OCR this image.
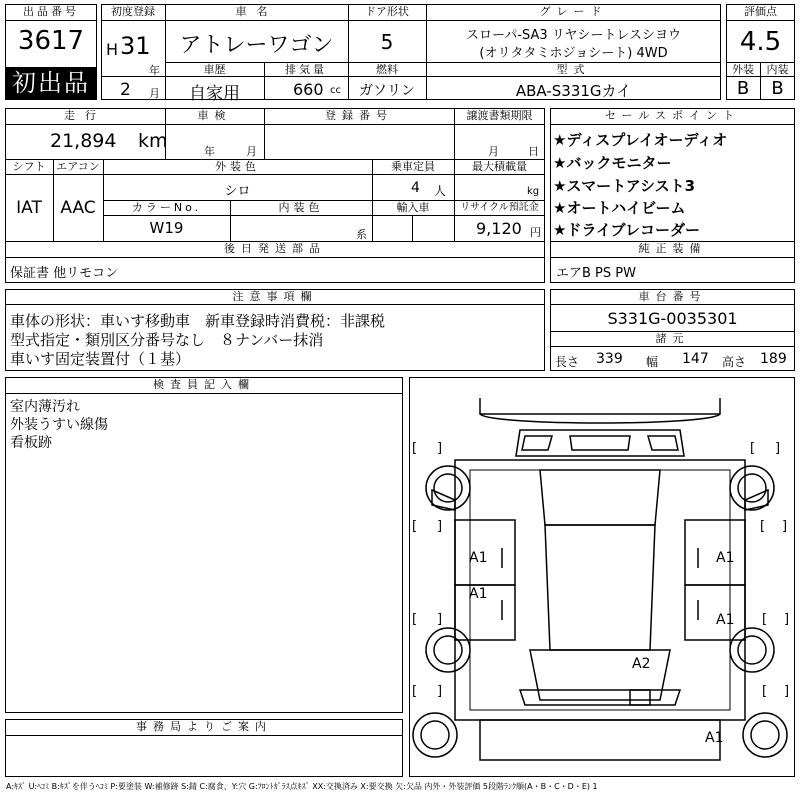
出品番号
3617
初出品
初度登録
H 31
年
2 月
車名
アトレーワゴン
ドア形状
5
グレード
スローパ-SA3 リヤシートレスシヨウ
(オリタタミホジョシート) 4WD
車歴
自家用
排気量
660 cc
燃料
ガソリン
型式
ABA-S331Gカイ
評価点
4.5
外装	内装
B	B
走行
21,894 km
車検
年	月
登録番号	譲渡書類期限
月	日
シフト
IAT
エアコン
AAC
外装色
シロ
乗車定員
4 人
最大積載量
kg
カラーNo.
W19
内装色
系
輸入車	リサイクル預託金
9,120 円
後日発送部品
保証書 他リモコン
セールスポイント
★ディスプレイオーディオ
★バックモニター
★スマートアシスト3
★オートハイビーム
★ドライブレコーダー
純正装備
エアB PS PW
注意事項欄
車体の形状：車いす移動車　新車登録時消費税：非課税
型式指定・類別区分番号なし　８ナンバー抹消
車いす固定装置付（１基）
車台番号
S331G-0035301
諸元
長さ 339 幅 147 高さ 189
検査員記入欄
室内薄汚れ
外装うすい線傷
看板跡
事務局よりご案内
[ ]	[ ]
[ ]	[ ]
[ ]	[ ]
[ ]	[ ]
A1
A1
A1
A1
A2
A1
A:ｷｽﾞ U:ﾍｺﾐ B:ｷｽﾞを伴うﾍｺﾐ P:要塗装 W:補修跡 S:錆 C:腐食、Y:穴 G:ﾌﾛﾝﾄｶﾞﾗｽ点ｷｽﾞ XX:交換済み X:要交換 欠:欠品 内外・外装評価 5段階ﾗﾝｸ順(A・B・C・D・E) 1
